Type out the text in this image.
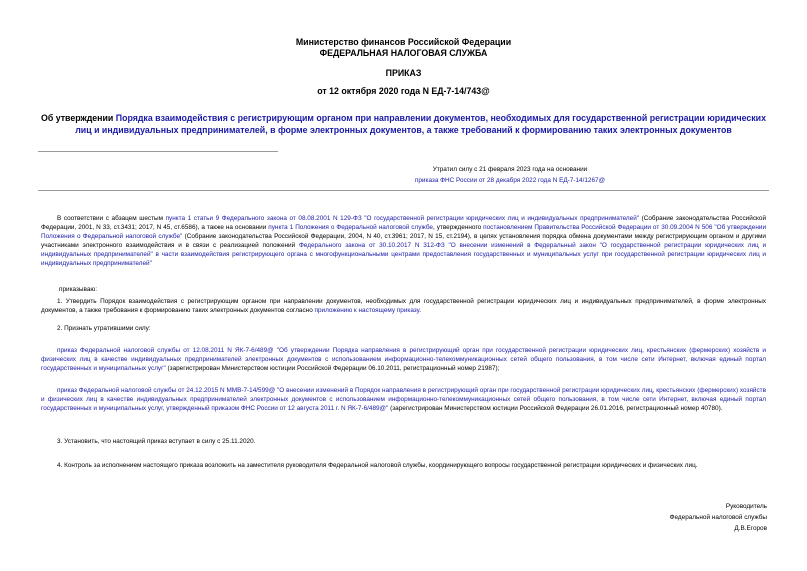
Министерство финансов Российской Федерации
ФЕДЕРАЛЬНАЯ НАЛОГОВАЯ СЛУЖБА
ПРИКАЗ
от 12 октября 2020 года N ЕД-7-14/743@
Об утверждении Порядка взаимодействия с регистрирующим органом при направлении документов, необходимых для государственной регистрации юридических лиц и индивидуальных предпринимателей, в форме электронных документов, а также требований к формированию таких электронных документов
Утратил силу с 21 февраля 2023 года на основании
приказа ФНС России от 28 декабря 2022 года N ЕД-7-14/1267@
В соответствии с абзацем шестым пункта 1 статьи 9 Федерального закона от 08.08.2001 N 129-ФЗ "О государственной регистрации юридических лиц и индивидуальных предпринимателей" (Собрание законодательства Российской Федерации, 2001, N 33, ст.3431; 2017, N 45, ст.6586), а также на основании пункта 1 Положения о Федеральной налоговой службе, утвержденного постановлением Правительства Российской Федерации от 30.09.2004 N 506 "Об утверждении Положения о Федеральной налоговой службе" (Собрание законодательства Российской Федерации, 2004, N 40, ст.3961; 2017, N 15, ст.2194), в целях установления порядка обмена документами между регистрирующим органом и другими участниками электронного взаимодействия и в связи с реализацией положений Федерального закона от 30.10.2017 N 312-ФЗ "О внесении изменений в Федеральный закон "О государственной регистрации юридических лиц и индивидуальных предпринимателей" в части взаимодействия регистрирующего органа с многофункциональными центрами предоставления государственных и муниципальных услуг при государственной регистрации юридических лиц и индивидуальных предпринимателей"
приказываю:
1. Утвердить Порядок взаимодействия с регистрирующим органом при направлении документов, необходимых для государственной регистрации юридических лиц и индивидуальных предпринимателей, в форме электронных документов, а также требования к формированию таких электронных документов согласно приложению к настоящему приказу.
2. Признать утратившими силу:
приказ Федеральной налоговой службы от 12.08.2011 N ЯК-7-6/489@ "Об утверждении Порядка направления в регистрирующий орган при государственной регистрации юридических лиц, крестьянских (фермерских) хозяйств и физических лиц в качестве индивидуальных предпринимателей электронных документов с использованием информационно-телекоммуникационных сетей общего пользования, в том числе сети Интернет, включая единый портал государственных и муниципальных услуг" (зарегистрирован Министерством юстиции Российской Федерации 06.10.2011, регистрационный номер 21987);
приказ Федеральной налоговой службы от 24.12.2015 N ММВ-7-14/599@ "О внесении изменений в Порядок направления в регистрирующий орган при государственной регистрации юридических лиц, крестьянских (фермерских) хозяйств и физических лиц в качестве индивидуальных предпринимателей электронных документов с использованием информационно-телекоммуникационных сетей общего пользования, в том числе сети Интернет, включая единый портал государственных и муниципальных услуг, утвержденный приказом ФНС России от 12 августа 2011 г. N ЯК-7-6/489@" (зарегистрирован Министерством юстиции Российской Федерации 26.01.2016, регистрационный номер 40780).
3. Установить, что настоящий приказ вступает в силу с 25.11.2020.
4. Контроль за исполнением настоящего приказа возложить на заместителя руководителя Федеральной налоговой службы, координирующего вопросы государственной регистрации юридических и физических лиц.
Руководитель
Федеральной налоговой службы
Д.В.Егоров
